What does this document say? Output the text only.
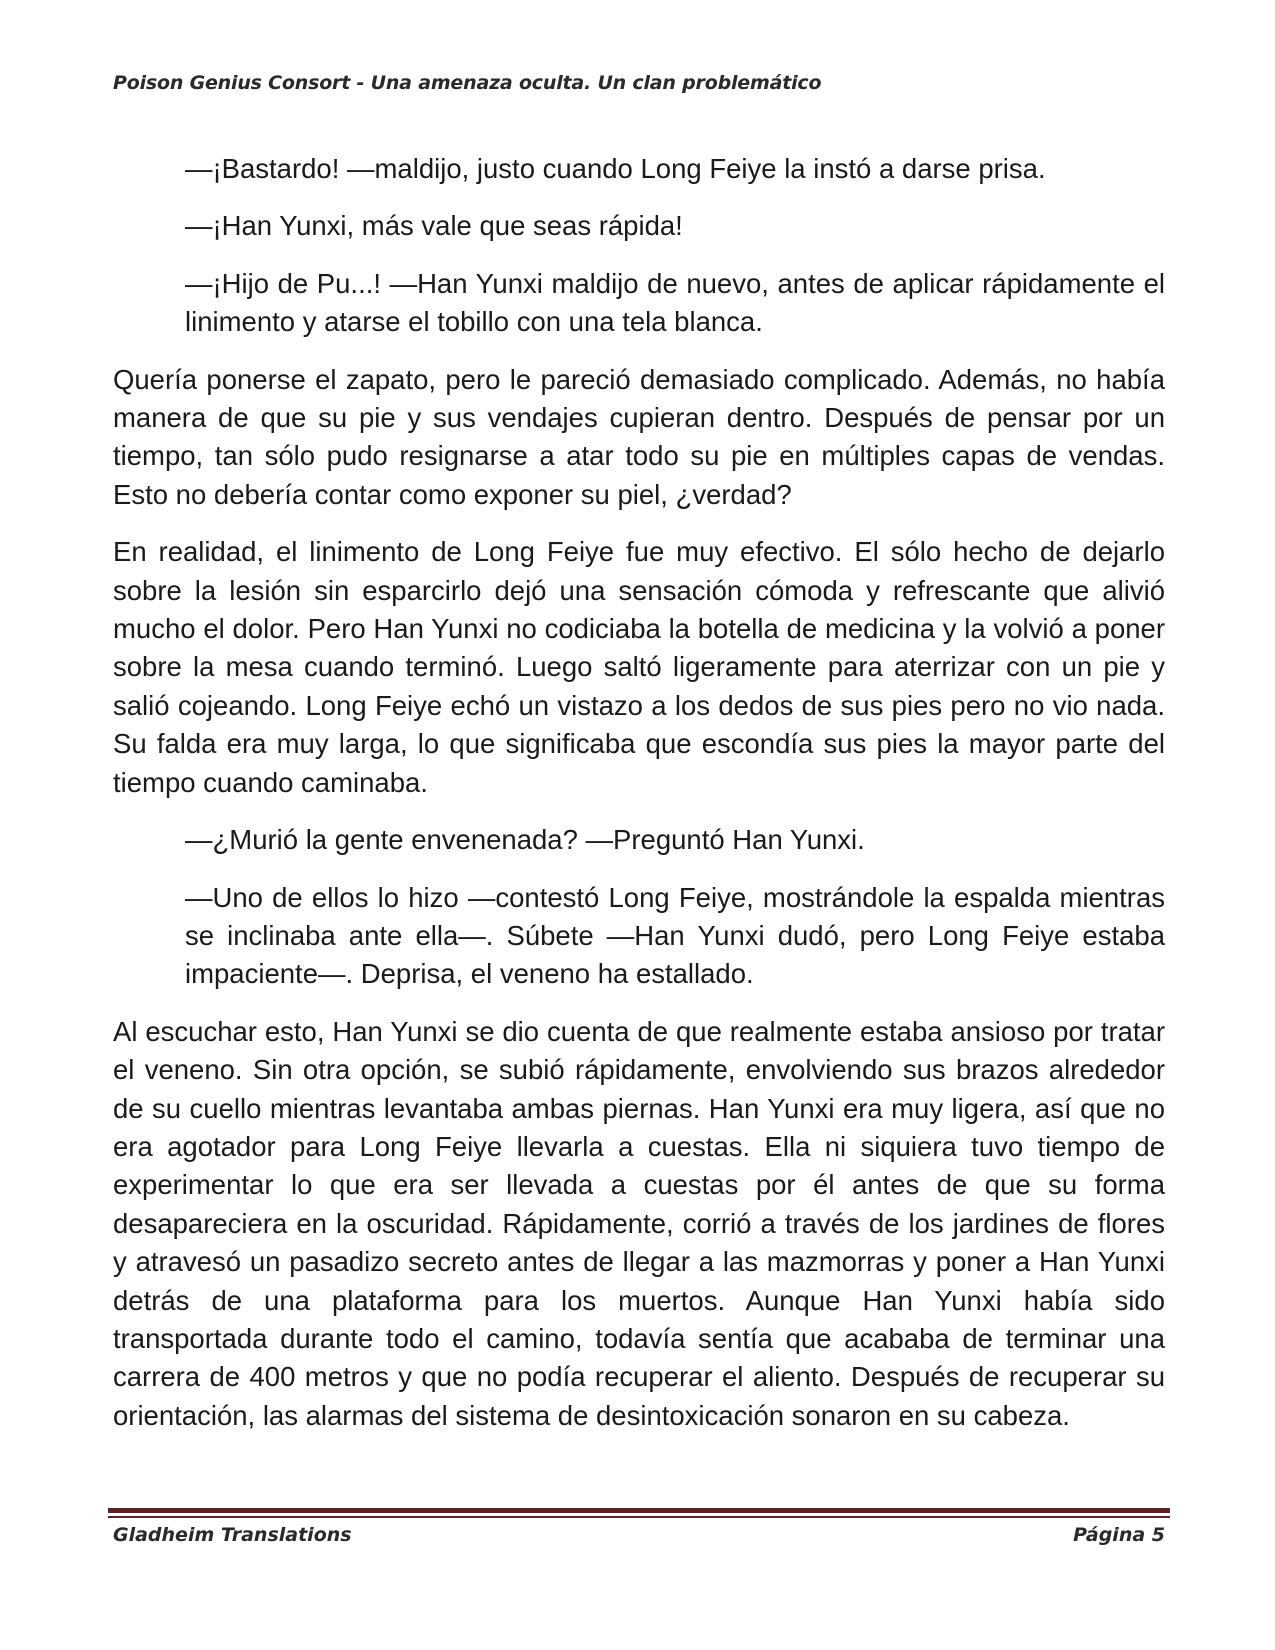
Poison Genius Consort - Una amenaza oculta. Un clan problemático

—¡Bastardo! —maldijo, justo cuando Long Feiye la instó a darse prisa.

—¡Han Yunxi, más vale que seas rápida!

—¡Hijo de Pu...! —Han Yunxi maldijo de nuevo, antes de aplicar rápidamente el linimento y atarse el tobillo con una tela blanca.

Quería ponerse el zapato, pero le pareció demasiado complicado. Además, no había manera de que su pie y sus vendajes cupieran dentro. Después de pensar por un tiempo, tan sólo pudo resignarse a atar todo su pie en múltiples capas de vendas. Esto no debería contar como exponer su piel, ¿verdad?

En realidad, el linimento de Long Feiye fue muy efectivo. El sólo hecho de dejarlo sobre la lesión sin esparcirlo dejó una sensación cómoda y refrescante que alivió mucho el dolor. Pero Han Yunxi no codiciaba la botella de medicina y la volvió a poner sobre la mesa cuando terminó. Luego saltó ligeramente para aterrizar con un pie y salió cojeando. Long Feiye echó un vistazo a los dedos de sus pies pero no vio nada. Su falda era muy larga, lo que significaba que escondía sus pies la mayor parte del tiempo cuando caminaba.

—¿Murió la gente envenenada? —Preguntó Han Yunxi.

—Uno de ellos lo hizo —contestó Long Feiye, mostrándole la espalda mientras se inclinaba ante ella—. Súbete —Han Yunxi dudó, pero Long Feiye estaba impaciente—. Deprisa, el veneno ha estallado.

Al escuchar esto, Han Yunxi se dio cuenta de que realmente estaba ansioso por tratar el veneno. Sin otra opción, se subió rápidamente, envolviendo sus brazos alrededor de su cuello mientras levantaba ambas piernas. Han Yunxi era muy ligera, así que no era agotador para Long Feiye llevarla a cuestas. Ella ni siquiera tuvo tiempo de experimentar lo que era ser llevada a cuestas por él antes de que su forma desapareciera en la oscuridad. Rápidamente, corrió a través de los jardines de flores y atravesó un pasadizo secreto antes de llegar a las mazmorras y poner a Han Yunxi detrás de una plataforma para los muertos. Aunque Han Yunxi había sido transportada durante todo el camino, todavía sentía que acababa de terminar una carrera de 400 metros y que no podía recuperar el aliento. Después de recuperar su orientación, las alarmas del sistema de desintoxicación sonaron en su cabeza.

Gladheim Translations	Página 5
